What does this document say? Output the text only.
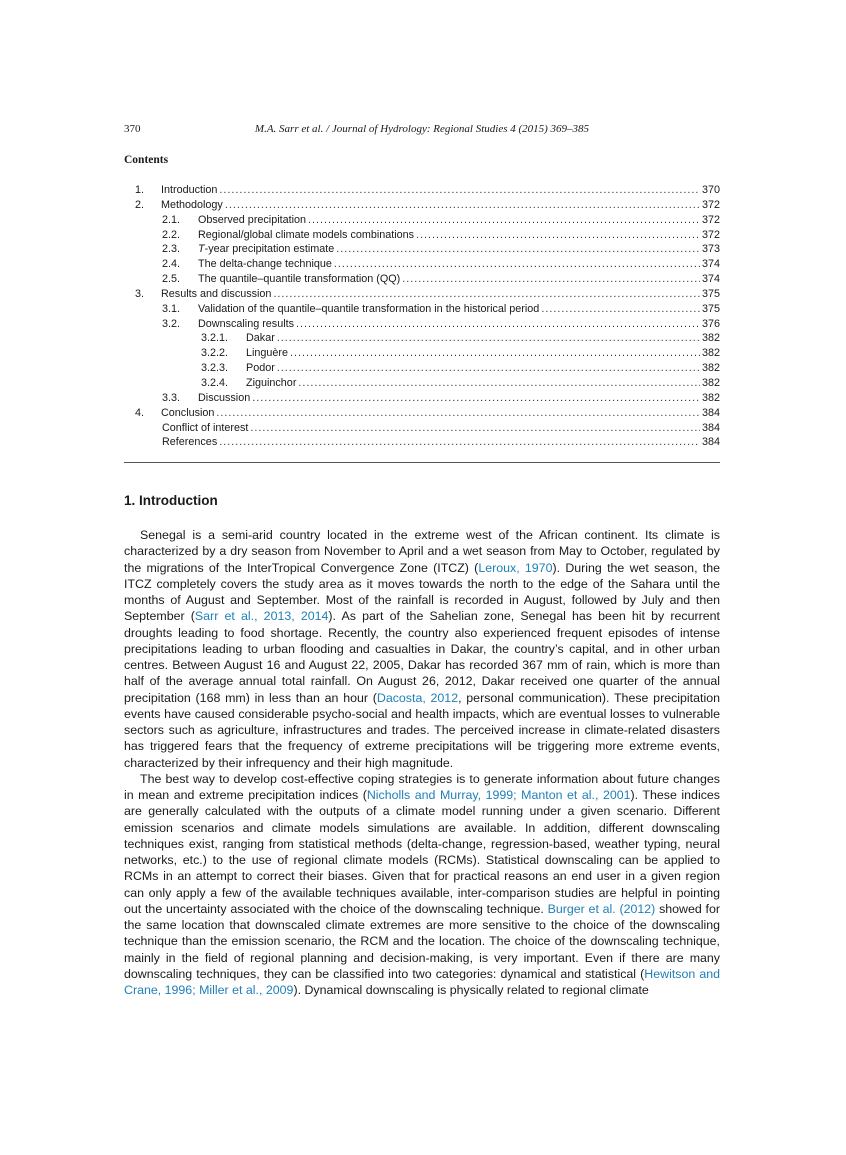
370	M.A. Sarr et al. / Journal of Hydrology: Regional Studies 4 (2015) 369–385
Contents
1.	Introduction .....	370
2.	Methodology .....	372
2.1.	Observed precipitation .....	372
2.2.	Regional/global climate models combinations .....	372
2.3.	T-year precipitation estimate .....	373
2.4.	The delta-change technique .....	374
2.5.	The quantile–quantile transformation (QQ) .....	374
3.	Results and discussion .....	375
3.1.	Validation of the quantile–quantile transformation in the historical period .....	375
3.2.	Downscaling results .....	376
3.2.1.	Dakar .....	382
3.2.2.	Linguère .....	382
3.2.3.	Podor .....	382
3.2.4.	Ziguinchor .....	382
3.3.	Discussion .....	382
4.	Conclusion .....	384
Conflict of interest .....	384
References .....	384
1. Introduction

Senegal is a semi-arid country located in the extreme west of the African continent. Its climate is characterized by a dry season from November to April and a wet season from May to October, regulated by the migrations of the InterTropical Convergence Zone (ITCZ) (Leroux, 1970). During the wet season, the ITCZ completely covers the study area as it moves towards the north to the edge of the Sahara until the months of August and September. Most of the rainfall is recorded in August, followed by July and then September (Sarr et al., 2013, 2014). As part of the Sahelian zone, Senegal has been hit by recurrent droughts leading to food shortage. Recently, the country also experienced frequent episodes of intense precipitations leading to urban flooding and casualties in Dakar, the country’s capital, and in other urban centres. Between August 16 and August 22, 2005, Dakar has recorded 367 mm of rain, which is more than half of the average annual total rainfall. On August 26, 2012, Dakar received one quarter of the annual precipitation (168 mm) in less than an hour (Dacosta, 2012, personal communication). These precipitation events have caused considerable psycho-social and health impacts, which are eventual losses to vulnerable sectors such as agriculture, infrastructures and trades. The perceived increase in climate-related disasters has triggered fears that the frequency of extreme precipitations will be triggering more extreme events, characterized by their infrequency and their high magnitude.

The best way to develop cost-effective coping strategies is to generate information about future changes in mean and extreme precipitation indices (Nicholls and Murray, 1999; Manton et al., 2001). These indices are generally calculated with the outputs of a climate model running under a given scenario. Different emission scenarios and climate models simulations are available. In addition, different downscaling techniques exist, ranging from statistical methods (delta-change, regression-based, weather typing, neural networks, etc.) to the use of regional climate models (RCMs). Statistical downscaling can be applied to RCMs in an attempt to correct their biases. Given that for practical reasons an end user in a given region can only apply a few of the available techniques available, inter-comparison studies are helpful in pointing out the uncertainty associated with the choice of the downscaling technique. Burger et al. (2012) showed for the same location that downscaled climate extremes are more sensitive to the choice of the downscaling technique than the emission scenario, the RCM and the location. The choice of the downscaling technique, mainly in the field of regional planning and decision-making, is very important. Even if there are many downscaling techniques, they can be classified into two categories: dynamical and statistical (Hewitson and Crane, 1996; Miller et al., 2009). Dynamical downscaling is physically related to regional climate
